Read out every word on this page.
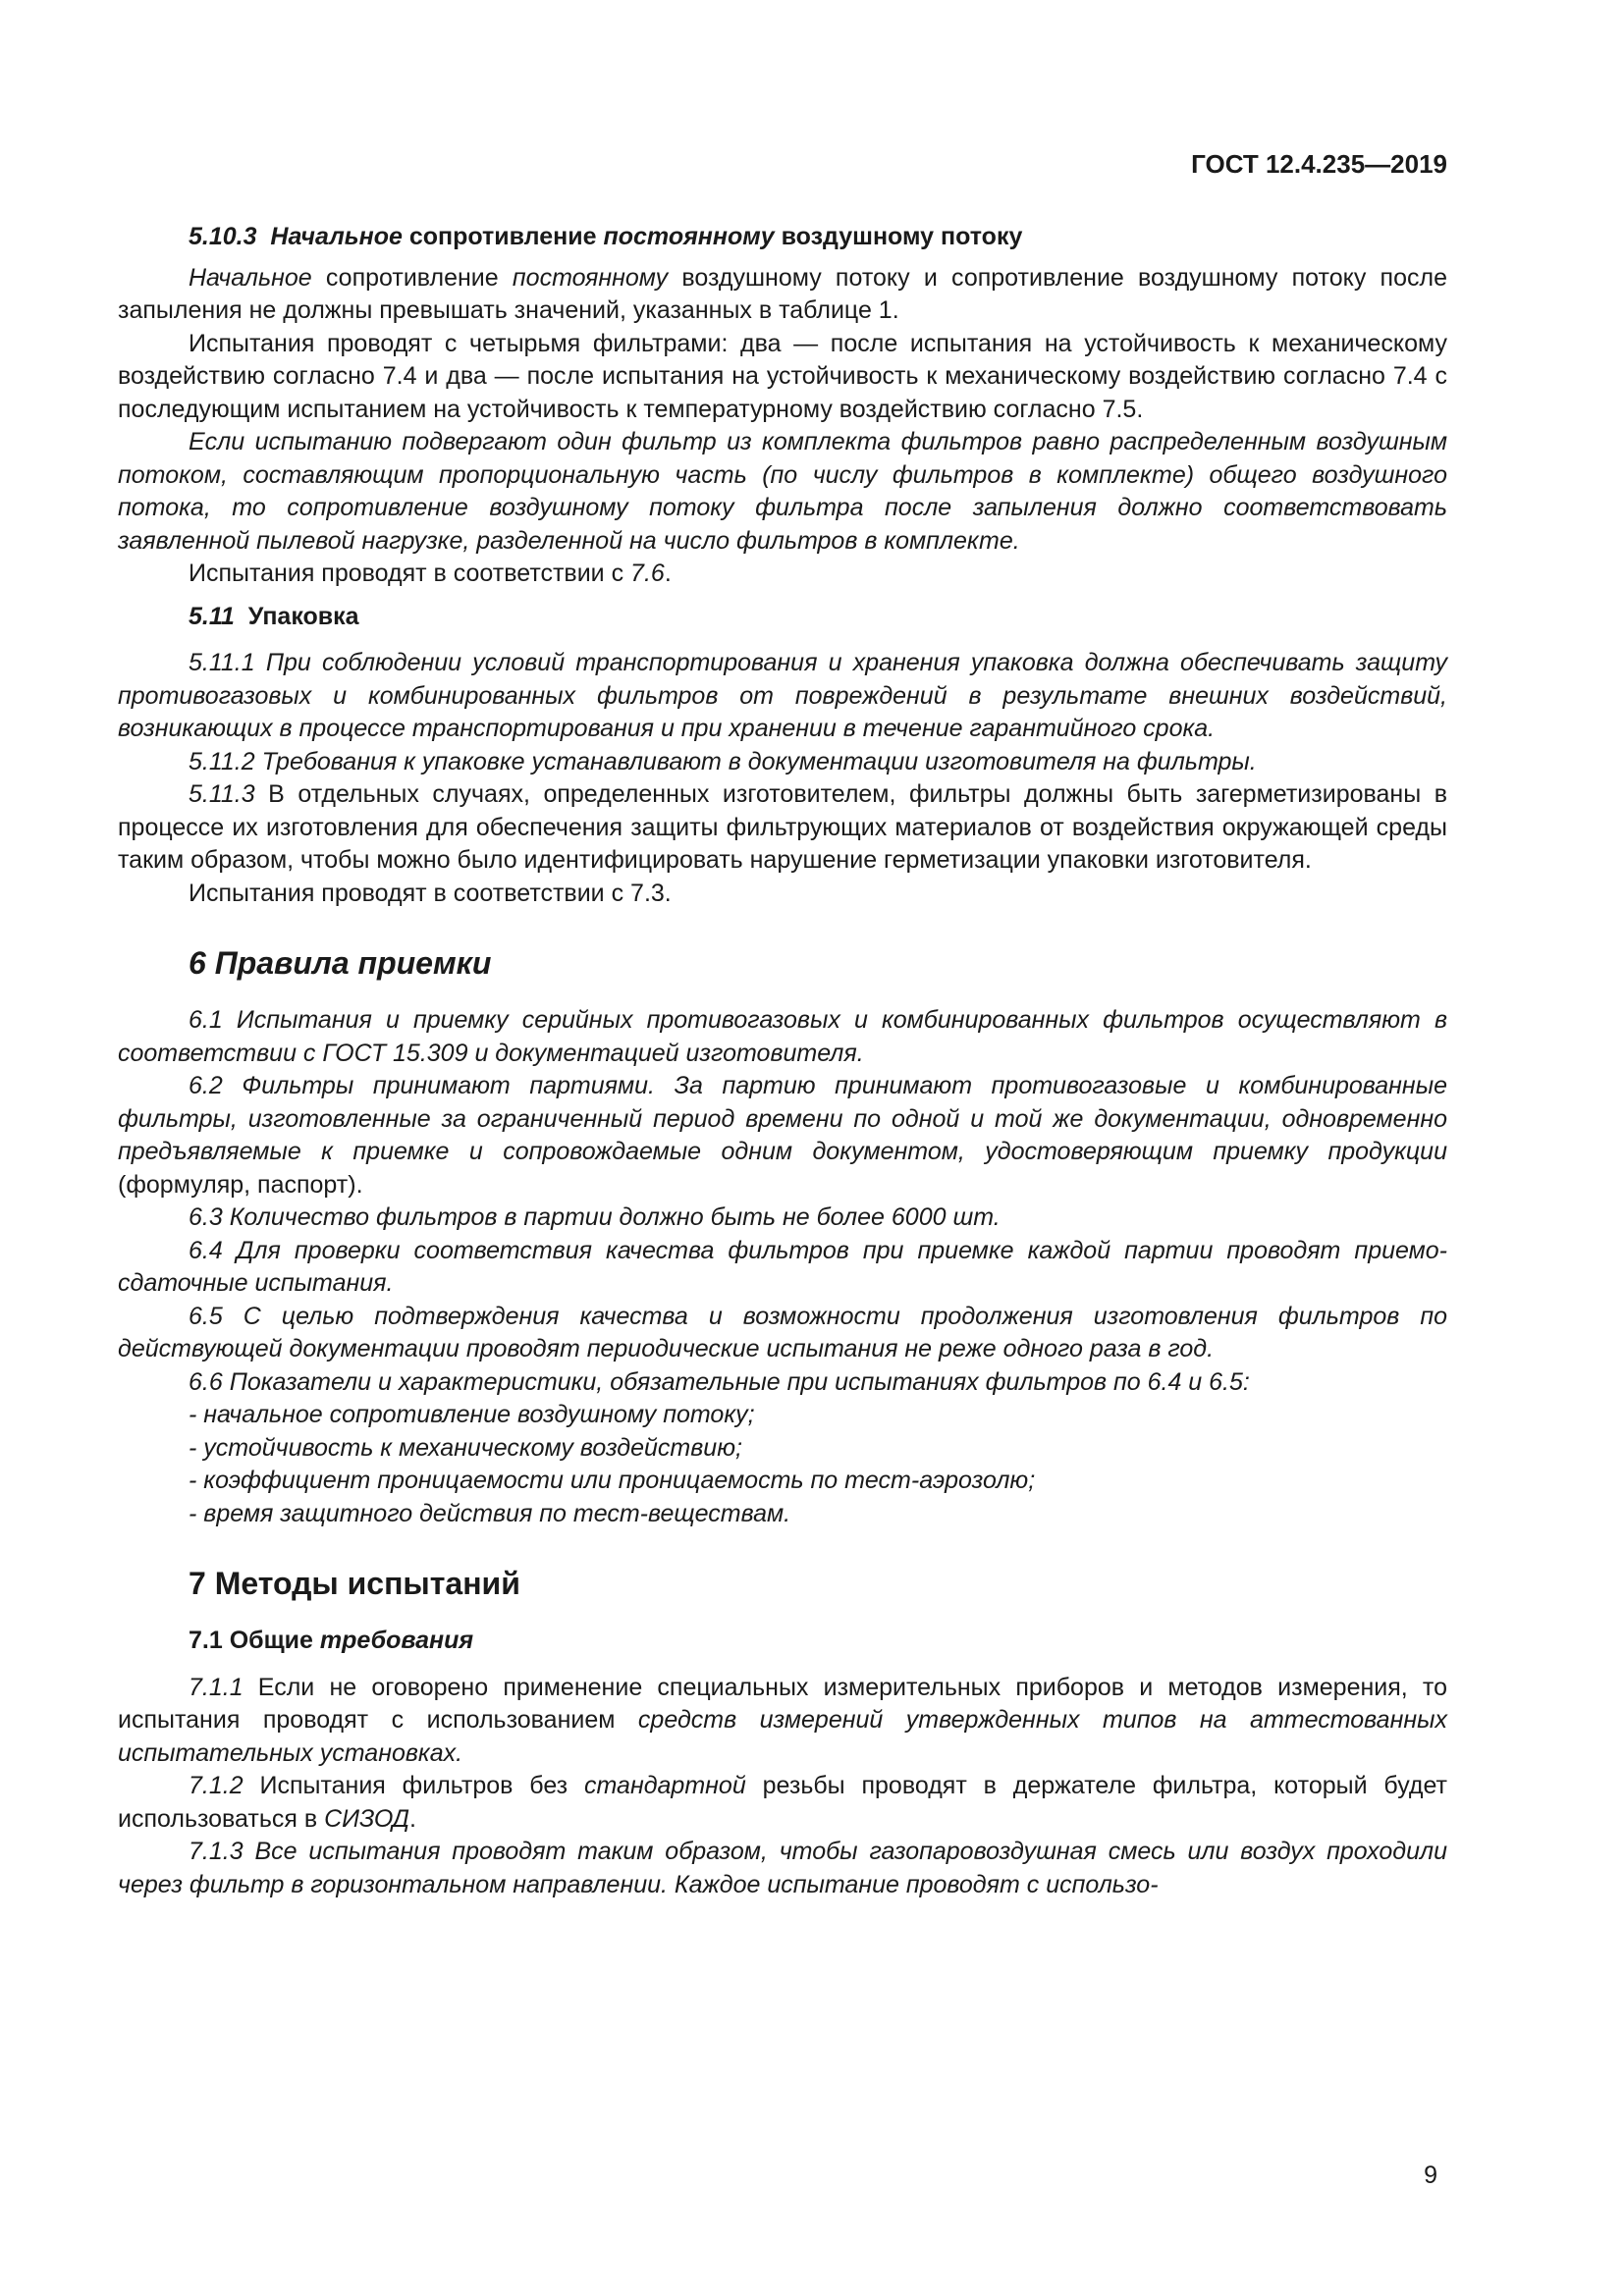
ГОСТ 12.4.235—2019

5.10.3 Начальное сопротивление постоянному воздушному потоку

Начальное сопротивление постоянному воздушному потоку и сопротивление воздушному потоку после запыления не должны превышать значений, указанных в таблице 1.

Испытания проводят с четырьмя фильтрами: два — после испытания на устойчивость к механическому воздействию согласно 7.4 и два — после испытания на устойчивость к механическому воздействию согласно 7.4 с последующим испытанием на устойчивость к температурному воздействию согласно 7.5.

Если испытанию подвергают один фильтр из комплекта фильтров равно распределенным воздушным потоком, составляющим пропорциональную часть (по числу фильтров в комплекте) общего воздушного потока, то сопротивление воздушному потоку фильтра после запыления должно соответствовать заявленной пылевой нагрузке, разделенной на число фильтров в комплекте.

Испытания проводят в соответствии с 7.6.

5.11 Упаковка

5.11.1 При соблюдении условий транспортирования и хранения упаковка должна обеспечивать защиту противогазовых и комбинированных фильтров от повреждений в результате внешних воздействий, возникающих в процессе транспортирования и при хранении в течение гарантийного срока.

5.11.2 Требования к упаковке устанавливают в документации изготовителя на фильтры.

5.11.3 В отдельных случаях, определенных изготовителем, фильтры должны быть загерметизированы в процессе их изготовления для обеспечения защиты фильтрующих материалов от воздействия окружающей среды таким образом, чтобы можно было идентифицировать нарушение герметизации упаковки изготовителя.

Испытания проводят в соответствии с 7.3.

6 Правила приемки

6.1 Испытания и приемку серийных противогазовых и комбинированных фильтров осуществляют в соответствии с ГОСТ 15.309 и документацией изготовителя.

6.2 Фильтры принимают партиями. За партию принимают противогазовые и комбинированные фильтры, изготовленные за ограниченный период времени по одной и той же документации, одновременно предъявляемые к приемке и сопровождаемые одним документом, удостоверяющим приемку продукции (формуляр, паспорт).

6.3 Количество фильтров в партии должно быть не более 6000 шт.

6.4 Для проверки соответствия качества фильтров при приемке каждой партии проводят приемо-сдаточные испытания.

6.5 С целью подтверждения качества и возможности продолжения изготовления фильтров по действующей документации проводят периодические испытания не реже одного раза в год.

6.6 Показатели и характеристики, обязательные при испытаниях фильтров по 6.4 и 6.5:

- начальное сопротивление воздушному потоку;

- устойчивость к механическому воздействию;

- коэффициент проницаемости или проницаемость по тест-аэрозолю;

- время защитного действия по тест-веществам.

7 Методы испытаний

7.1 Общие требования

7.1.1 Если не оговорено применение специальных измерительных приборов и методов измерения, то испытания проводят с использованием средств измерений утвержденных типов на аттестованных испытательных установках.

7.1.2 Испытания фильтров без стандартной резьбы проводят в держателе фильтра, который будет использоваться в СИЗОД.

7.1.3 Все испытания проводят таким образом, чтобы газопаровоздушная смесь или воздух проходили через фильтр в горизонтальном направлении. Каждое испытание проводят с использо-

9
